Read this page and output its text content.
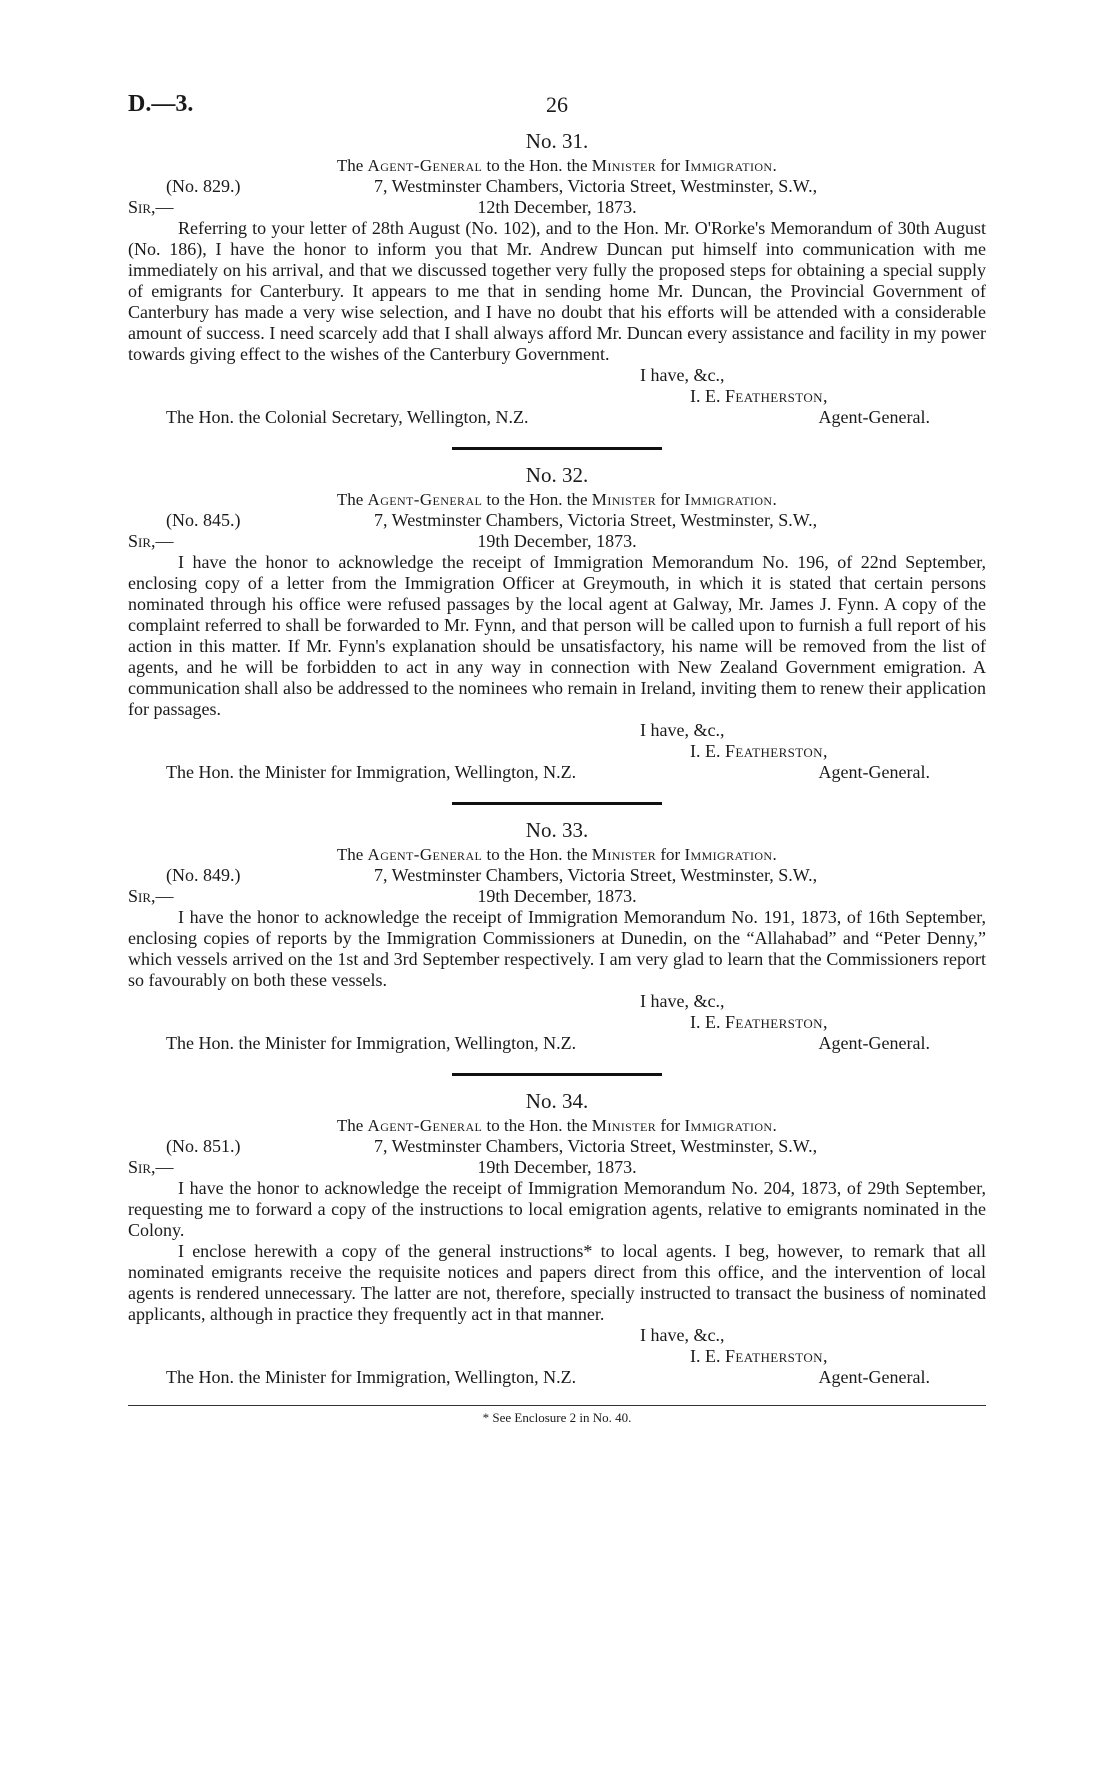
D.—3.	26
No. 31.
The Agent-General to the Hon. the Minister for Immigration.
(No. 829.)	7, Westminster Chambers, Victoria Street, Westminster, S.W.,
Sir,—	12th December, 1873.

Referring to your letter of 28th August (No. 102), and to the Hon. Mr. O'Rorke's Memorandum of 30th August (No. 186), I have the honor to inform you that Mr. Andrew Duncan put himself into communication with me immediately on his arrival, and that we discussed together very fully the proposed steps for obtaining a special supply of emigrants for Canterbury. It appears to me that in sending home Mr. Duncan, the Provincial Government of Canterbury has made a very wise selection, and I have no doubt that his efforts will be attended with a considerable amount of success. I need scarcely add that I shall always afford Mr. Duncan every assistance and facility in my power towards giving effect to the wishes of the Canterbury Government.

I have, &c.,
I. E. Featherston,
The Hon. the Colonial Secretary, Wellington, N.Z.	Agent-General.
No. 32.
The Agent-General to the Hon. the Minister for Immigration.
(No. 845.)	7, Westminster Chambers, Victoria Street, Westminster, S.W.,
Sir,—	19th December, 1873.

I have the honor to acknowledge the receipt of Immigration Memorandum No. 196, of 22nd September, enclosing copy of a letter from the Immigration Officer at Greymouth, in which it is stated that certain persons nominated through his office were refused passages by the local agent at Galway, Mr. James J. Fynn. A copy of the complaint referred to shall be forwarded to Mr. Fynn, and that person will be called upon to furnish a full report of his action in this matter. If Mr. Fynn's explanation should be unsatisfactory, his name will be removed from the list of agents, and he will be forbidden to act in any way in connection with New Zealand Government emigration. A communication shall also be addressed to the nominees who remain in Ireland, inviting them to renew their application for passages.

I have, &c.,
I. E. Featherston,
The Hon. the Minister for Immigration, Wellington, N.Z.	Agent-General.
No. 33.
The Agent-General to the Hon. the Minister for Immigration.
(No. 849.)	7, Westminster Chambers, Victoria Street, Westminster, S.W.,
Sir,—	19th December, 1873.

I have the honor to acknowledge the receipt of Immigration Memorandum No. 191, 1873, of 16th September, enclosing copies of reports by the Immigration Commissioners at Dunedin, on the “Allahabad” and “Peter Denny,” which vessels arrived on the 1st and 3rd September respectively. I am very glad to learn that the Commissioners report so favourably on both these vessels.

I have, &c.,
I. E. Featherston,
The Hon. the Minister for Immigration, Wellington, N.Z.	Agent-General.
No. 34.
The Agent-General to the Hon. the Minister for Immigration.
(No. 851.)	7, Westminster Chambers, Victoria Street, Westminster, S.W.,
Sir,—	19th December, 1873.

I have the honor to acknowledge the receipt of Immigration Memorandum No. 204, 1873, of 29th September, requesting me to forward a copy of the instructions to local emigration agents, relative to emigrants nominated in the Colony.

I enclose herewith a copy of the general instructions* to local agents. I beg, however, to remark that all nominated emigrants receive the requisite notices and papers direct from this office, and the intervention of local agents is rendered unnecessary. The latter are not, therefore, specially instructed to transact the business of nominated applicants, although in practice they frequently act in that manner.

I have, &c.,
I. E. Featherston,
The Hon. the Minister for Immigration, Wellington, N.Z.	Agent-General.
* See Enclosure 2 in No. 40.
